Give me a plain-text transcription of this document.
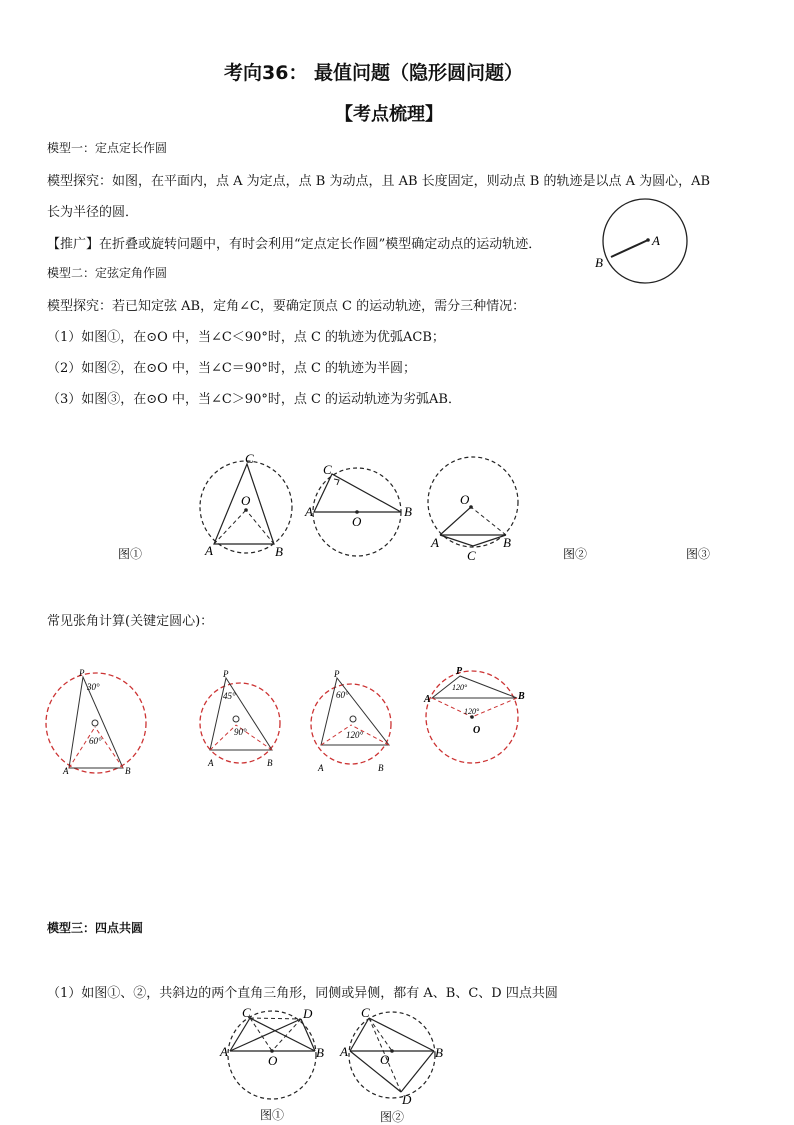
考向36： 最值问题（隐形圆问题）
【考点梳理】
模型一：定点定长作圆
模型探究：如图，在平面内，点 A 为定点，点 B 为动点，且 AB 长度固定，则动点 B 的轨迹是以点 A 为圆心，AB
长为半径的圆．
【推广】在折叠或旋转问题中，有时会利用“定点定长作圆”模型确定动点的运动轨迹．	A
B
模型二：定弦定角作圆
模型探究：若已知定弦 AB，定角∠C，要确定顶点 C 的运动轨迹，需分三种情况：
（1）如图①，在⊙O 中，当∠C＜90°时，点 C 的轨迹为优弧ACB；
（2）如图②，在⊙O 中，当∠C＝90°时，点 C 的轨迹为半圆；
（3）如图③，在⊙O 中，当∠C＞90°时，点 C 的运动轨迹为劣弧AB．
C
O
A	B
C
A	B
O
O
A	B
C
图①	图②	图③
常见张角计算(关键定圆心)：
P
30°
60°
A	B
P
45°
90°
A	B
P
60°
120°
A	B
P
120°
120°
A	B
O
模型三：四点共圆
（1）如图①、②，共斜边的两个直角三角形，同侧或异侧，都有 A、B、C、D 四点共圆
C	D
A	B
O
C
A	B
O
D
图①	图②
